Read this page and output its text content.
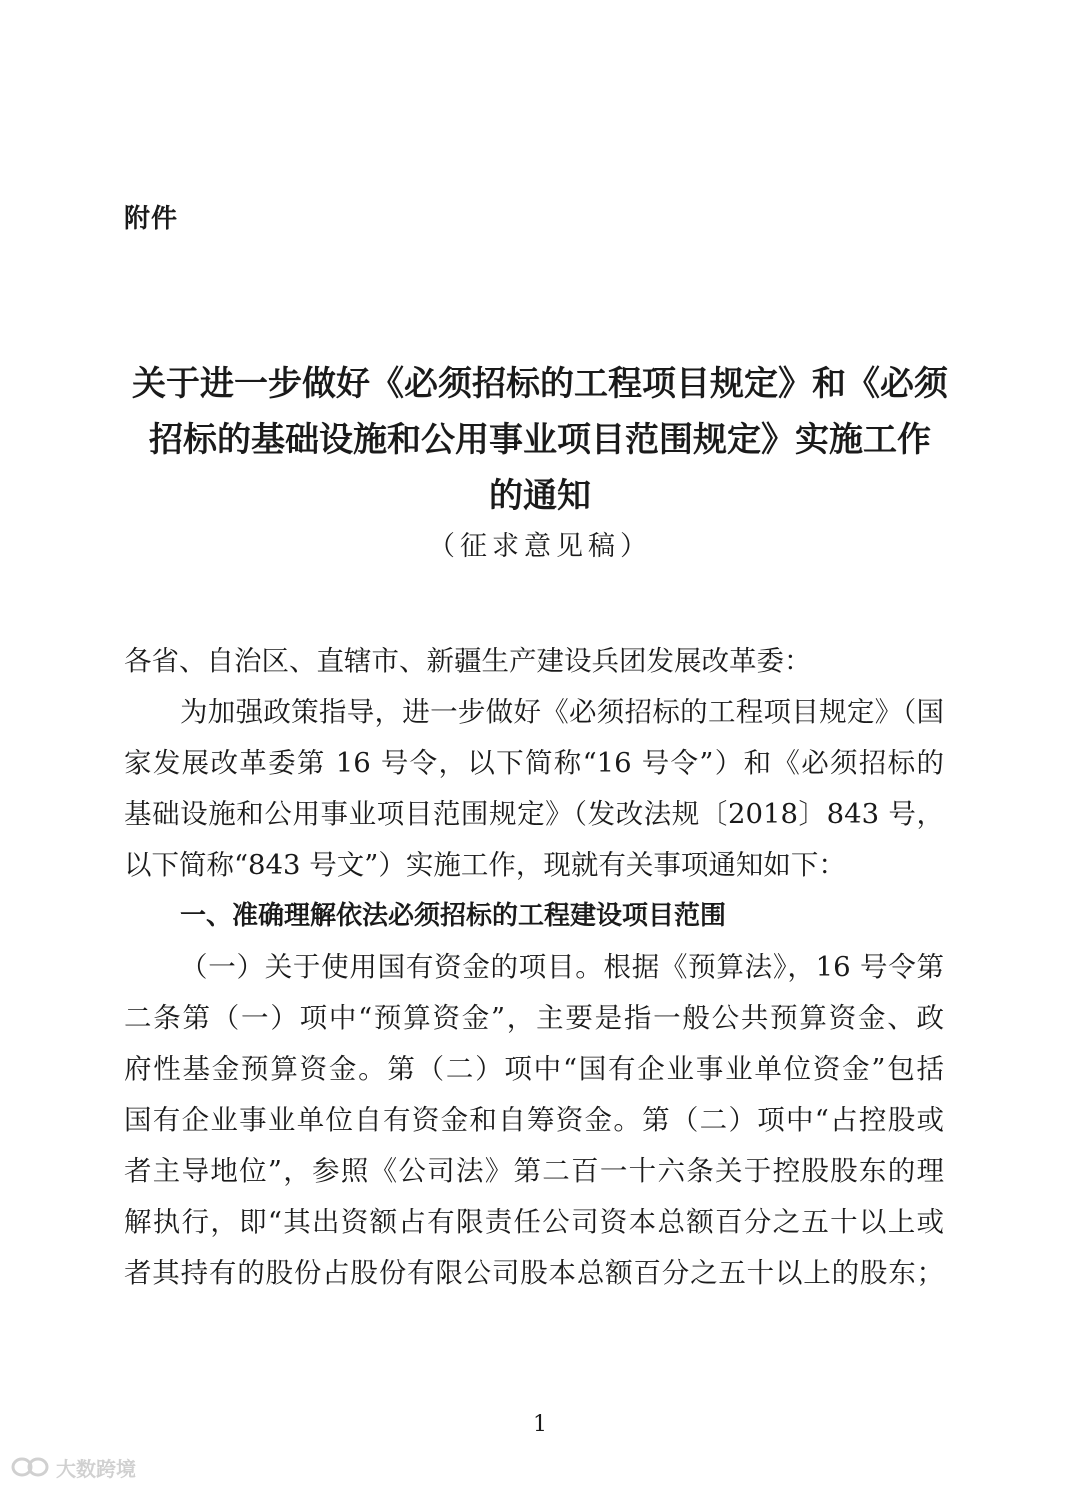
附件
关于进一步做好《必须招标的工程项目规定》和《必须
招标的基础设施和公用事业项目范围规定》实施工作
的通知
（征求意见稿）
各省、自治区、直辖市、新疆生产建设兵团发展改革委：
为加强政策指导，进一步做好《必须招标的工程项目规定》（国
家发展改革委第 16 号令，以下简称“16 号令”）和《必须招标的
基础设施和公用事业项目范围规定》（发改法规〔2018〕843 号，
以下简称“843 号文”）实施工作，现就有关事项通知如下：
一、准确理解依法必须招标的工程建设项目范围
（一）关于使用国有资金的项目。根据《预算法》，16 号令第
二条第（一）项中“预算资金”，主要是指一般公共预算资金、政
府性基金预算资金。第（二）项中“国有企业事业单位资金”包括
国有企业事业单位自有资金和自筹资金。第（二）项中“占控股或
者主导地位”，参照《公司法》第二百一十六条关于控股股东的理
解执行，即“其出资额占有限责任公司资本总额百分之五十以上或
者其持有的股份占股份有限公司股本总额百分之五十以上的股东；
1
大数跨境
